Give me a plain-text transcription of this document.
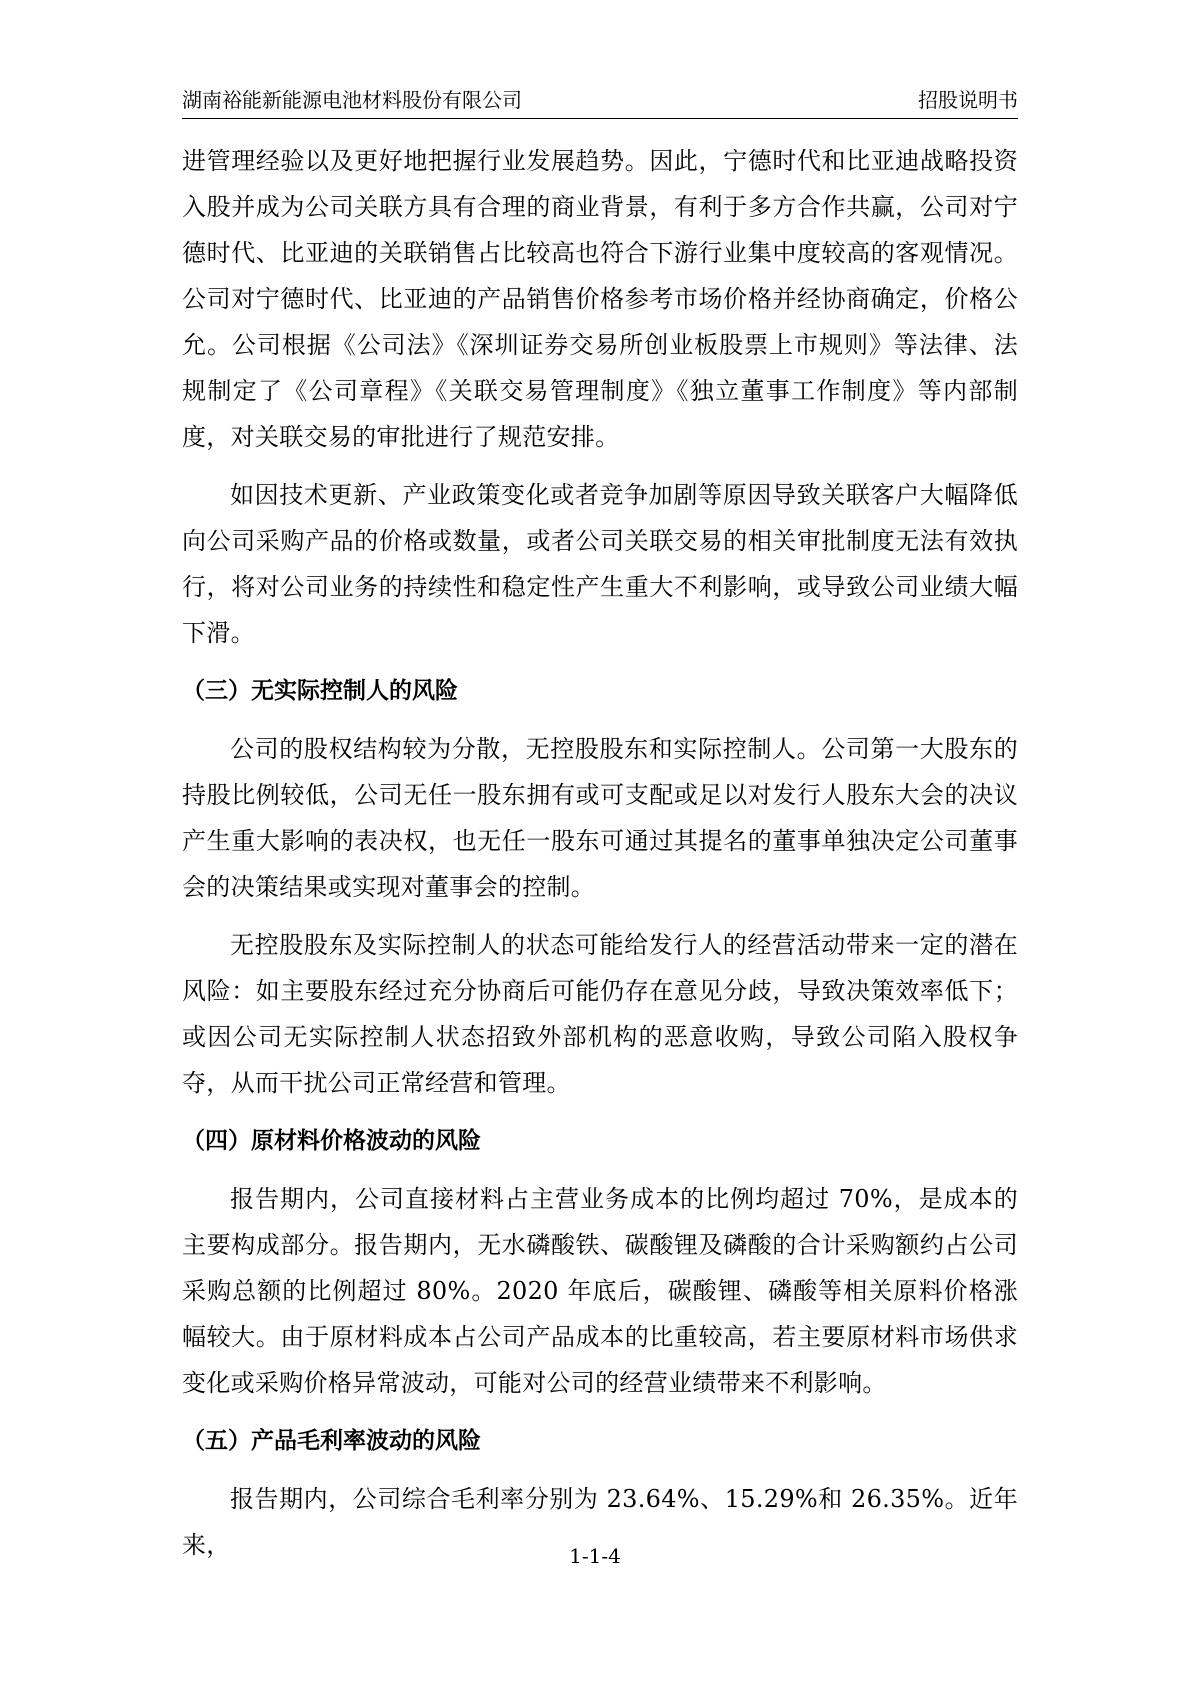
湖南裕能新能源电池材料股份有限公司	招股说明书

进管理经验以及更好地把握行业发展趋势。因此，宁德时代和比亚迪战略投资入股并成为公司关联方具有合理的商业背景，有利于多方合作共赢，公司对宁德时代、比亚迪的关联销售占比较高也符合下游行业集中度较高的客观情况。公司对宁德时代、比亚迪的产品销售价格参考市场价格并经协商确定，价格公允。公司根据《公司法》《深圳证券交易所创业板股票上市规则》等法律、法规制定了《公司章程》《关联交易管理制度》《独立董事工作制度》等内部制度，对关联交易的审批进行了规范安排。

如因技术更新、产业政策变化或者竞争加剧等原因导致关联客户大幅降低向公司采购产品的价格或数量，或者公司关联交易的相关审批制度无法有效执行，将对公司业务的持续性和稳定性产生重大不利影响，或导致公司业绩大幅下滑。

（三）无实际控制人的风险

公司的股权结构较为分散，无控股股东和实际控制人。公司第一大股东的持股比例较低，公司无任一股东拥有或可支配或足以对发行人股东大会的决议产生重大影响的表决权，也无任一股东可通过其提名的董事单独决定公司董事会的决策结果或实现对董事会的控制。

无控股股东及实际控制人的状态可能给发行人的经营活动带来一定的潜在风险：如主要股东经过充分协商后可能仍存在意见分歧，导致决策效率低下；或因公司无实际控制人状态招致外部机构的恶意收购，导致公司陷入股权争夺，从而干扰公司正常经营和管理。

（四）原材料价格波动的风险

报告期内，公司直接材料占主营业务成本的比例均超过 70%，是成本的主要构成部分。报告期内，无水磷酸铁、碳酸锂及磷酸的合计采购额约占公司采购总额的比例超过 80%。2020 年底后，碳酸锂、磷酸等相关原料价格涨幅较大。由于原材料成本占公司产品成本的比重较高，若主要原材料市场供求变化或采购价格异常波动，可能对公司的经营业绩带来不利影响。

（五）产品毛利率波动的风险

报告期内，公司综合毛利率分别为 23.64%、15.29%和 26.35%。近年来，	1-1-4
